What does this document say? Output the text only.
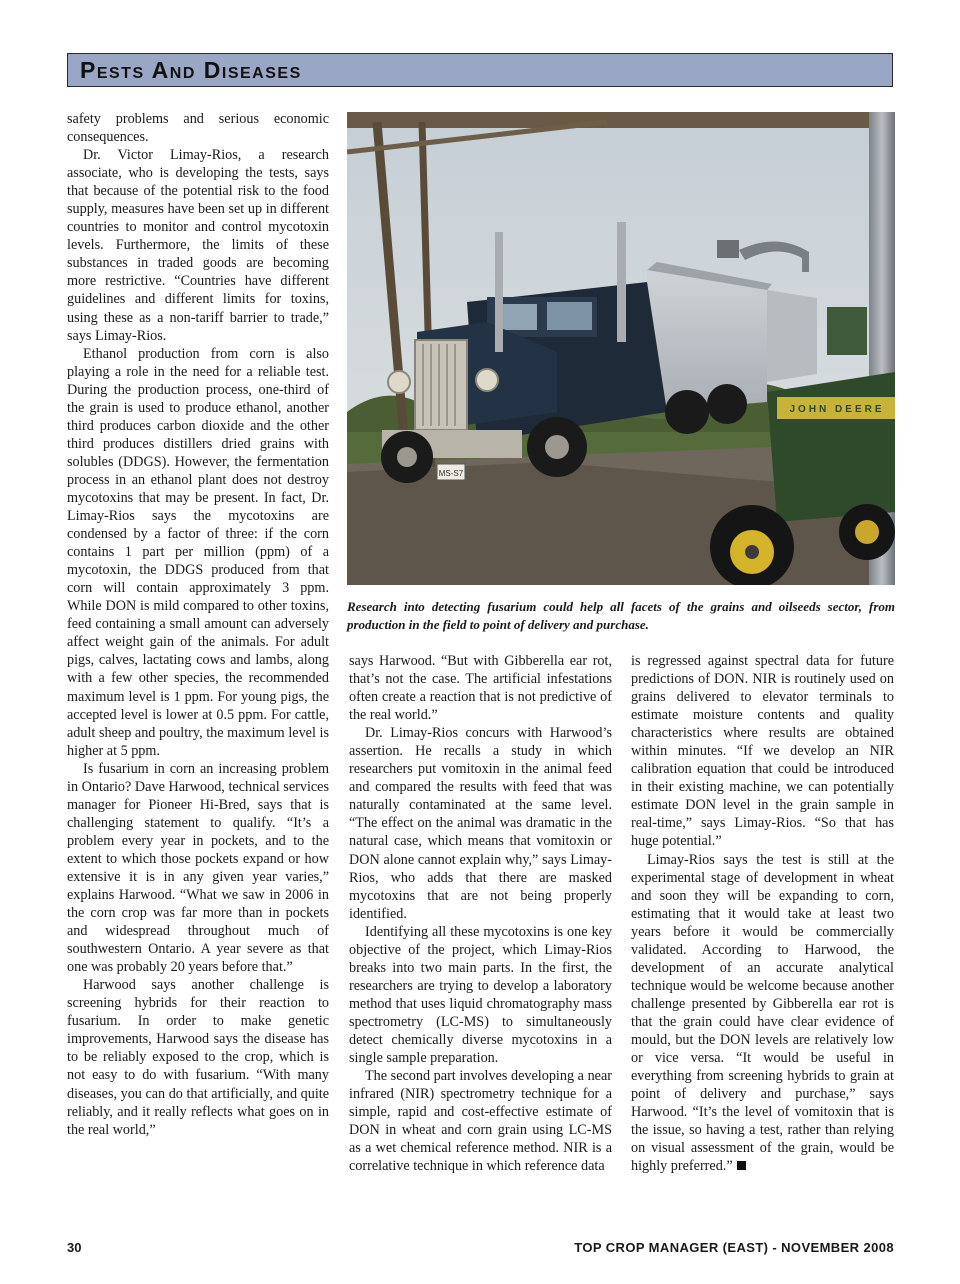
Pests And Diseases

safety problems and serious economic consequences.

Dr. Victor Limay-Rios, a research associate, who is developing the tests, says that because of the potential risk to the food supply, measures have been set up in different countries to monitor and control mycotoxin levels. Furthermore, the limits of these substances in traded goods are becoming more restrictive. “Countries have different guidelines and different limits for toxins, using these as a non-tariff barrier to trade,” says Limay-Rios.

Ethanol production from corn is also playing a role in the need for a reliable test. During the production process, one-third of the grain is used to produce ethanol, another third produces carbon dioxide and the other third produces distillers dried grains with solubles (DDGS). However, the fermentation process in an ethanol plant does not destroy mycotoxins that may be present. In fact, Dr. Limay-Rios says the mycotoxins are condensed by a factor of three: if the corn contains 1 part per million (ppm) of a mycotoxin, the DDGS produced from that corn will contain approximately 3 ppm. While DON is mild compared to other toxins, feed containing a small amount can adversely affect weight gain of the animals. For adult pigs, calves, lactating cows and lambs, along with a few other species, the recommended maximum level is 1 ppm. For young pigs, the accepted level is lower at 0.5 ppm. For cattle, adult sheep and poultry, the maximum level is higher at 5 ppm.

Is fusarium in corn an increasing problem in Ontario? Dave Harwood, technical services manager for Pioneer Hi-Bred, says that is challenging statement to qualify. “It’s a problem every year in pockets, and to the extent to which those pockets expand or how extensive it is in any given year varies,” explains Harwood. “What we saw in 2006 in the corn crop was far more than in pockets and widespread throughout much of southwestern Ontario. A year severe as that one was probably 20 years before that.”

Harwood says another challenge is screening hybrids for their reaction to fusarium. In order to make genetic improvements, Harwood says the disease has to be reliably exposed to the crop, which is not easy to do with fusarium. “With many diseases, you can do that artificially, and quite reliably, and it really reflects what goes on in the real world,”

MS-S7
JOHN DEERE
Research into detecting fusarium could help all facets of the grains and oilseeds sector, from production in the field to point of delivery and purchase.

says Harwood. “But with Gibberella ear rot, that’s not the case. The artificial infestations often create a reaction that is not predictive of the real world.”

Dr. Limay-Rios concurs with Harwood’s assertion. He recalls a study in which researchers put vomitoxin in the animal feed and compared the results with feed that was naturally contaminated at the same level. “The effect on the animal was dramatic in the natural case, which means that vomitoxin or DON alone cannot explain why,” says Limay-Rios, who adds that there are masked mycotoxins that are not being properly identified.

Identifying all these mycotoxins is one key objective of the project, which Limay-Rios breaks into two main parts. In the first, the researchers are trying to develop a laboratory method that uses liquid chromatography mass spectrometry (LC-MS) to simultaneously detect chemically diverse mycotoxins in a single sample preparation.

The second part involves developing a near infrared (NIR) spectrometry technique for a simple, rapid and cost-effective estimate of DON in wheat and corn grain using LC-MS as a wet chemical reference method. NIR is a correlative technique in which reference data

is regressed against spectral data for future predictions of DON. NIR is routinely used on grains delivered to elevator terminals to estimate moisture contents and quality characteristics where results are obtained within minutes. “If we develop an NIR calibration equation that could be introduced in their existing machine, we can potentially estimate DON level in the grain sample in real-time,” says Limay-Rios. “So that has huge potential.”

Limay-Rios says the test is still at the experimental stage of development in wheat and soon they will be expanding to corn, estimating that it would take at least two years before it would be commercially validated. According to Harwood, the development of an accurate analytical technique would be welcome because another challenge presented by Gibberella ear rot is that the grain could have clear evidence of mould, but the DON levels are relatively low or vice versa. “It would be useful in everything from screening hybrids to grain at point of delivery and purchase,” says Harwood. “It’s the level of vomitoxin that is the issue, so having a test, rather than relying on visual assessment of the grain, would be highly preferred.”

30	TOP CROP MANAGER (EAST) - NOVEMBER 2008
